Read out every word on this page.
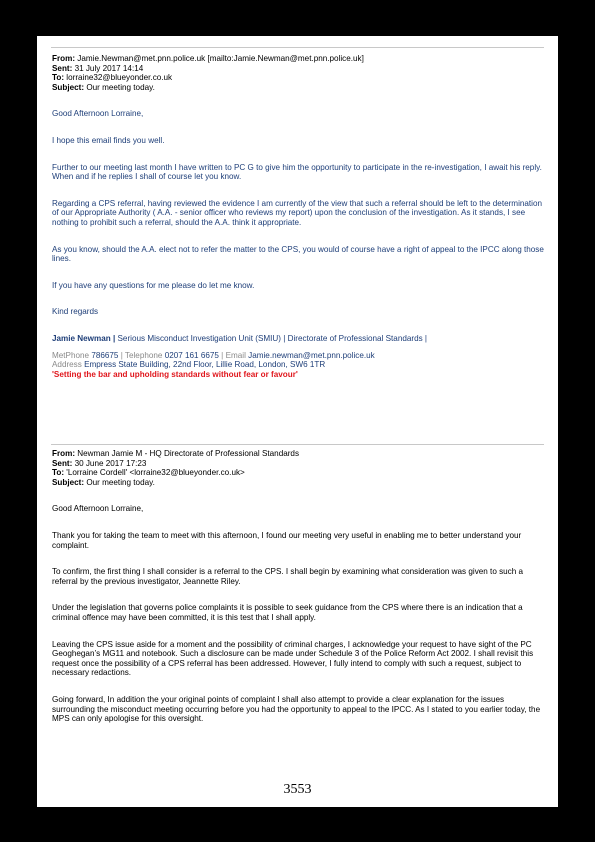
From: Jamie.Newman@met.pnn.police.uk [mailto:Jamie.Newman@met.pnn.police.uk]
Sent: 31 July 2017 14:14
To: lorraine32@blueyonder.co.uk
Subject: Our meeting today.

Good Afternoon Lorraine,

I hope this email finds you well.

Further to our meeting last month I have written to PC G to give him the opportunity to participate in the re-investigation, I await his reply. When and if he replies I shall of course let you know.

Regarding a CPS referral, having reviewed the evidence I am currently of the view that such a referral should be left to the determination of our Appropriate Authority ( A.A. - senior officer who reviews my report) upon the conclusion of the investigation. As it stands, I see nothing to prohibit such a referral, should the A.A. think it appropriate.

As you know, should the A.A. elect not to refer the matter to the CPS, you would of course have a right of appeal to the IPCC along those lines.

If you have any questions for me please do let me know.

Kind regards

Jamie Newman | Serious Misconduct Investigation Unit (SMIU) | Directorate of Professional Standards |
MetPhone 786675 | Telephone 0207 161 6675 | Email Jamie.newman@met.pnn.police.uk
Address Empress State Building, 22nd Floor, Lillie Road, London, SW6 1TR
'Setting the bar and upholding standards without fear or favour'
From: Newman Jamie M - HQ Directorate of Professional Standards
Sent: 30 June 2017 17:23
To: 'Lorraine Cordell' <lorraine32@blueyonder.co.uk>
Subject: Our meeting today.

Good Afternoon Lorraine,

Thank you for taking the team to meet with this afternoon, I found our meeting very useful in enabling me to better understand your complaint.

To confirm, the first thing I shall consider is a referral to the CPS. I shall begin by examining what consideration was given to such a referral by the previous investigator, Jeannette Riley.

Under the legislation that governs police complaints it is possible to seek guidance from the CPS where there is an indication that a criminal offence may have been committed, it is this test that I shall apply.

Leaving the CPS issue aside for a moment and the possibility of criminal charges, I acknowledge your request to have sight of the PC Geoghegan’s MG11 and notebook. Such a disclosure can be made under Schedule 3 of the Police Reform Act 2002. I shall revisit this request once the possibility of a CPS referral has been addressed. However, I fully intend to comply with such a request, subject to necessary redactions.

Going forward, In addition the your original points of complaint I shall also attempt to provide a clear explanation for the issues surrounding the misconduct meeting occurring before you had the opportunity to appeal to the IPCC. As I stated to you earlier today, the MPS can only apologise for this oversight.

3553
